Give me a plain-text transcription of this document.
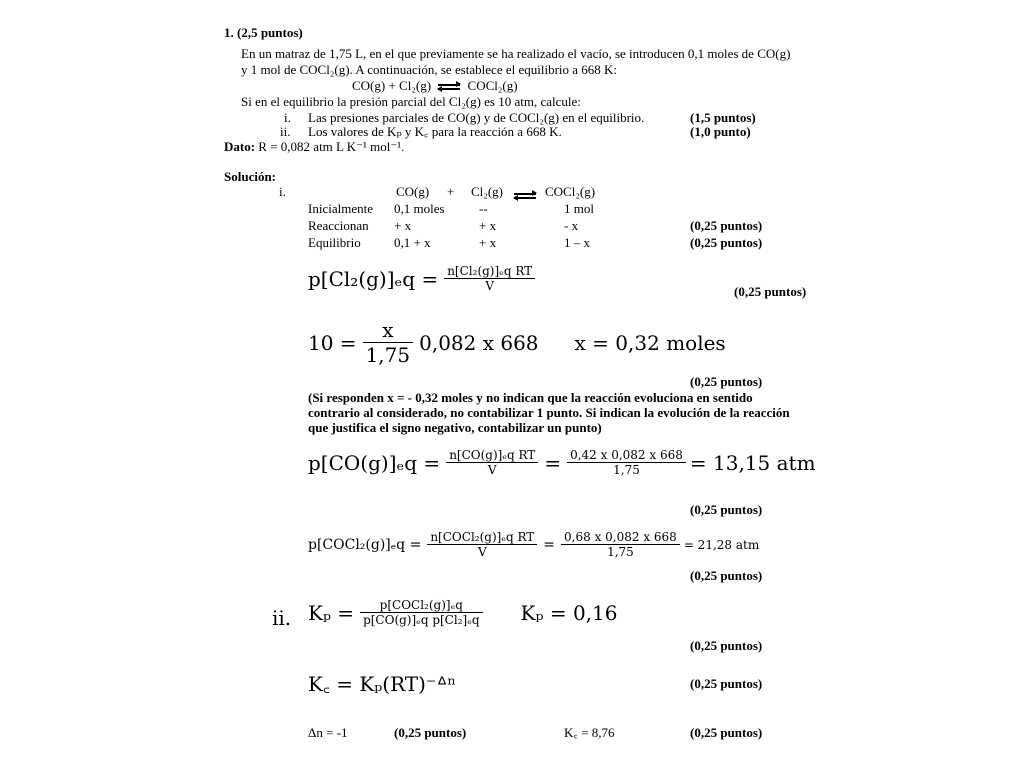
1. (2,5 puntos)
En un matraz de 1,75 L, en el que previamente se ha realizado el vacío, se introducen 0,1 moles de CO(g)
y 1 mol de COCl₂(g). A continuación, se establece el equilibrio a 668 K:
CO(g) + Cl₂(g)	COCl₂(g)
Si en el equilibrio la presión parcial del Cl₂(g) es 10 atm, calcule:
i. Las presiones parciales de CO(g) y de COCl₂(g) en el equilibrio.	(1,5 puntos)
ii. Los valores de Kₚ y K꜀ para la reacción a 668 K.	(1,0 punto)
Dato: R = 0,082 atm L K⁻¹ mol⁻¹.
Solución:
i.	CO(g) + Cl₂(g)	COCl₂(g)
Inicialmente 0,1 moles	--	1 mol
Reaccionan + x	+ x	- x	(0,25 puntos)
Equilibrio	0,1 + x	+ x	1 – x	(0,25 puntos)
$p[Cl_2(g)]_eq = \frac{\text{n[Cl₂(g)]ₑq RT}}{V}$	(0,25 puntos)
$10 = \frac{x}{1,75} 0,082$ x 668 x = 0,32 moles
(0,25 puntos)
(Si responden x = - 0,32 moles y no indican que la reacción evoluciona en sentido
contrario al considerado, no contabilizar 1 punto. Si indican la evolución de la reacción
que justifica el signo negativo, contabilizar un punto)
$p[CO(g)]_eq = \frac{\text{n[CO(g)]ₑq RT}}{V} = \frac{0,42 x 0,082 x 668}{1,75} = 13,15$ atm
(0,25 puntos)
p[COCl₂(g)]ₑq = $\frac{\text{n[COCl₂(g)]ₑq RT}}{V} = \frac{0,68 x 0,082 x 668}{1,75} = 21,28$ atm
(0,25 puntos)
ii. $K_p = \frac{\text{p[COCl₂(g)]ₑq}}{\text{p[CO(g)]ₑq p[Cl₂]ₑq}}$ Kₚ = 0,16
(0,25 puntos)
K꜀ = Kₚ(RT)⁻ᐞⁿ	(0,25 puntos)
Δn = -1	(0,25 puntos)	K꜀ = 8,76	(0,25 puntos)
